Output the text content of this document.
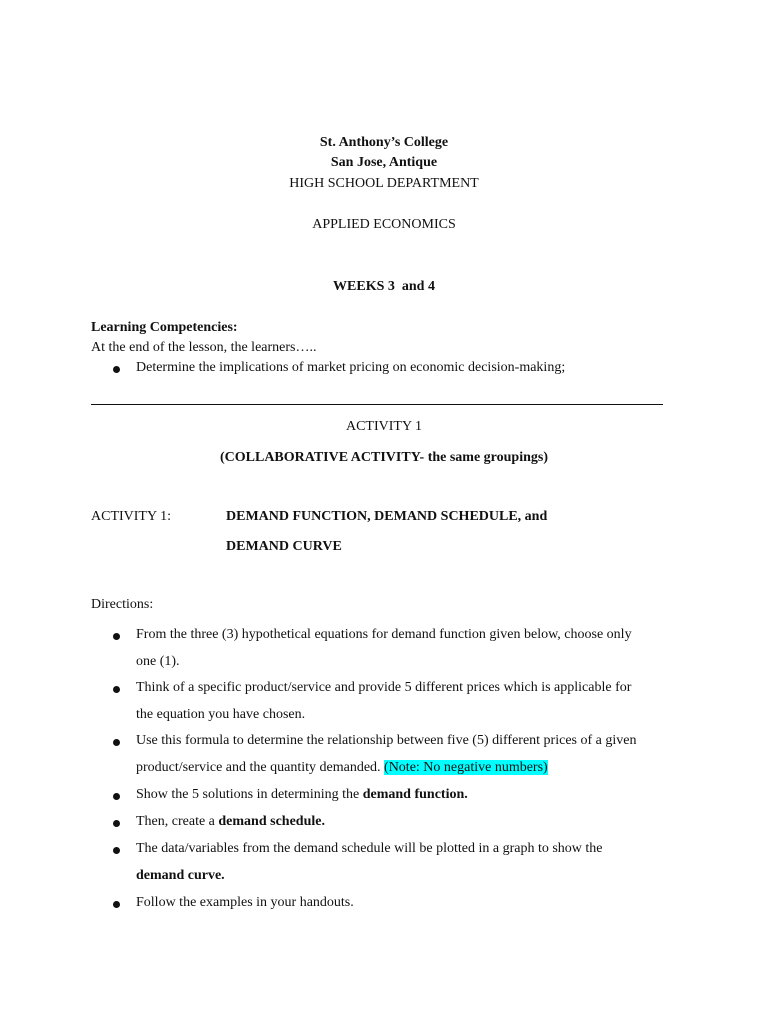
St. Anthony’s College
San Jose, Antique
HIGH SCHOOL DEPARTMENT
APPLIED ECONOMICS
WEEKS 3  and 4
Learning Competencies:
At the end of the lesson, the learners…..
Determine the implications of market pricing on economic decision-making;
ACTIVITY 1
(COLLABORATIVE ACTIVITY- the same groupings)
ACTIVITY 1:	DEMAND FUNCTION, DEMAND SCHEDULE, and
DEMAND CURVE
Directions:
From the three (3) hypothetical equations for demand function given below, choose only
one (1).
Think of a specific product/service and provide 5 different prices which is applicable for
the equation you have chosen.
Use this formula to determine the relationship between five (5) different prices of a given
product/service and the quantity demanded. (Note: No negative numbers)
Show the 5 solutions in determining the demand function.
Then, create a demand schedule.
The data/variables from the demand schedule will be plotted in a graph to show the
demand curve.
Follow the examples in your handouts.
